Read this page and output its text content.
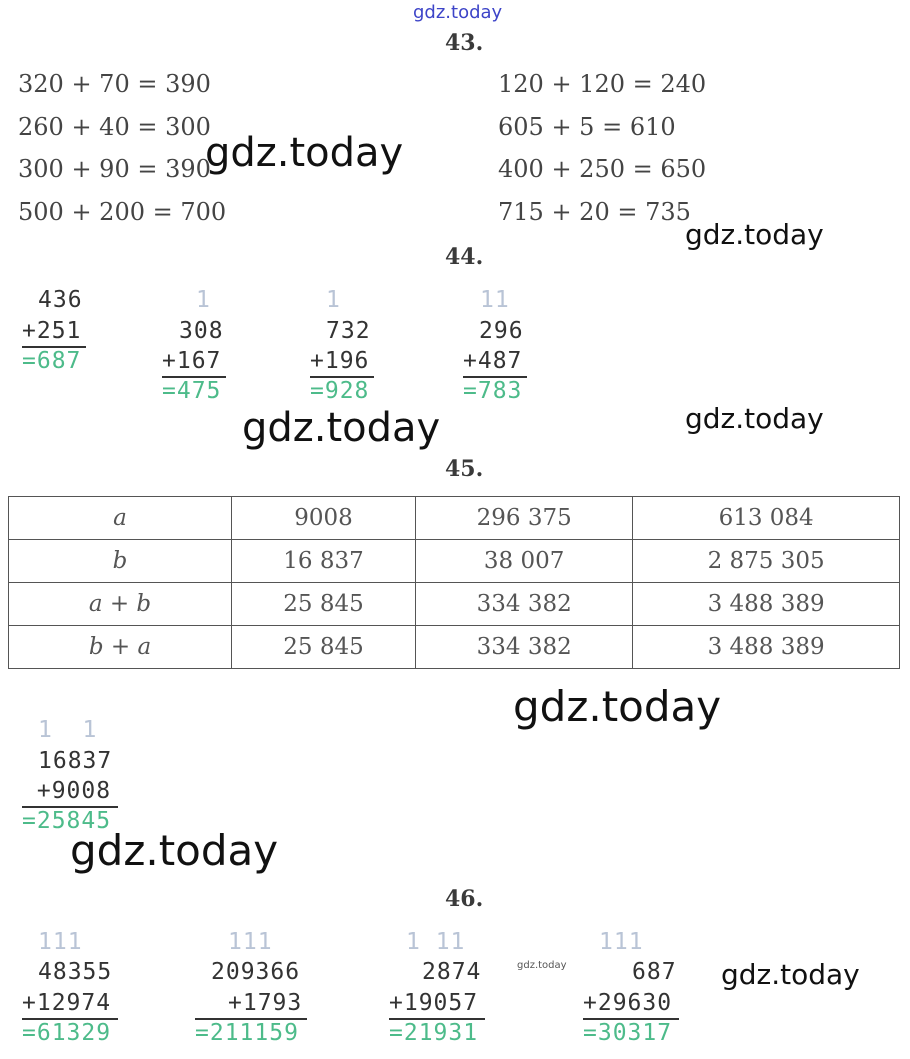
gdz.today
43.
320 + 70 = 390
260 + 40 = 300
300 + 90 = 390
500 + 200 = 700
120 + 120 = 240
605 + 5 = 610
400 + 250 = 650
715 + 20 = 735
gdz.today
gdz.today
44.
436
+251
=687
1
308
+167
=475
1
732
+196
=928
11
296
+487
=783
gdz.today
gdz.today
45.
a	9008	296 375	613 084
b	16 837	38 007	2 875 305
a + b	25 845	334 382	3 488 389
b + a	25 845	334 382	3 488 389
gdz.today
1  1
16837
+9008
=25845
gdz.today
46.
111
48355
+12974
=61329
111
209366
+1793
=211159
1 11
2874
+19057
=21931
gdz.today
111
687
+29630
=30317
gdz.today
